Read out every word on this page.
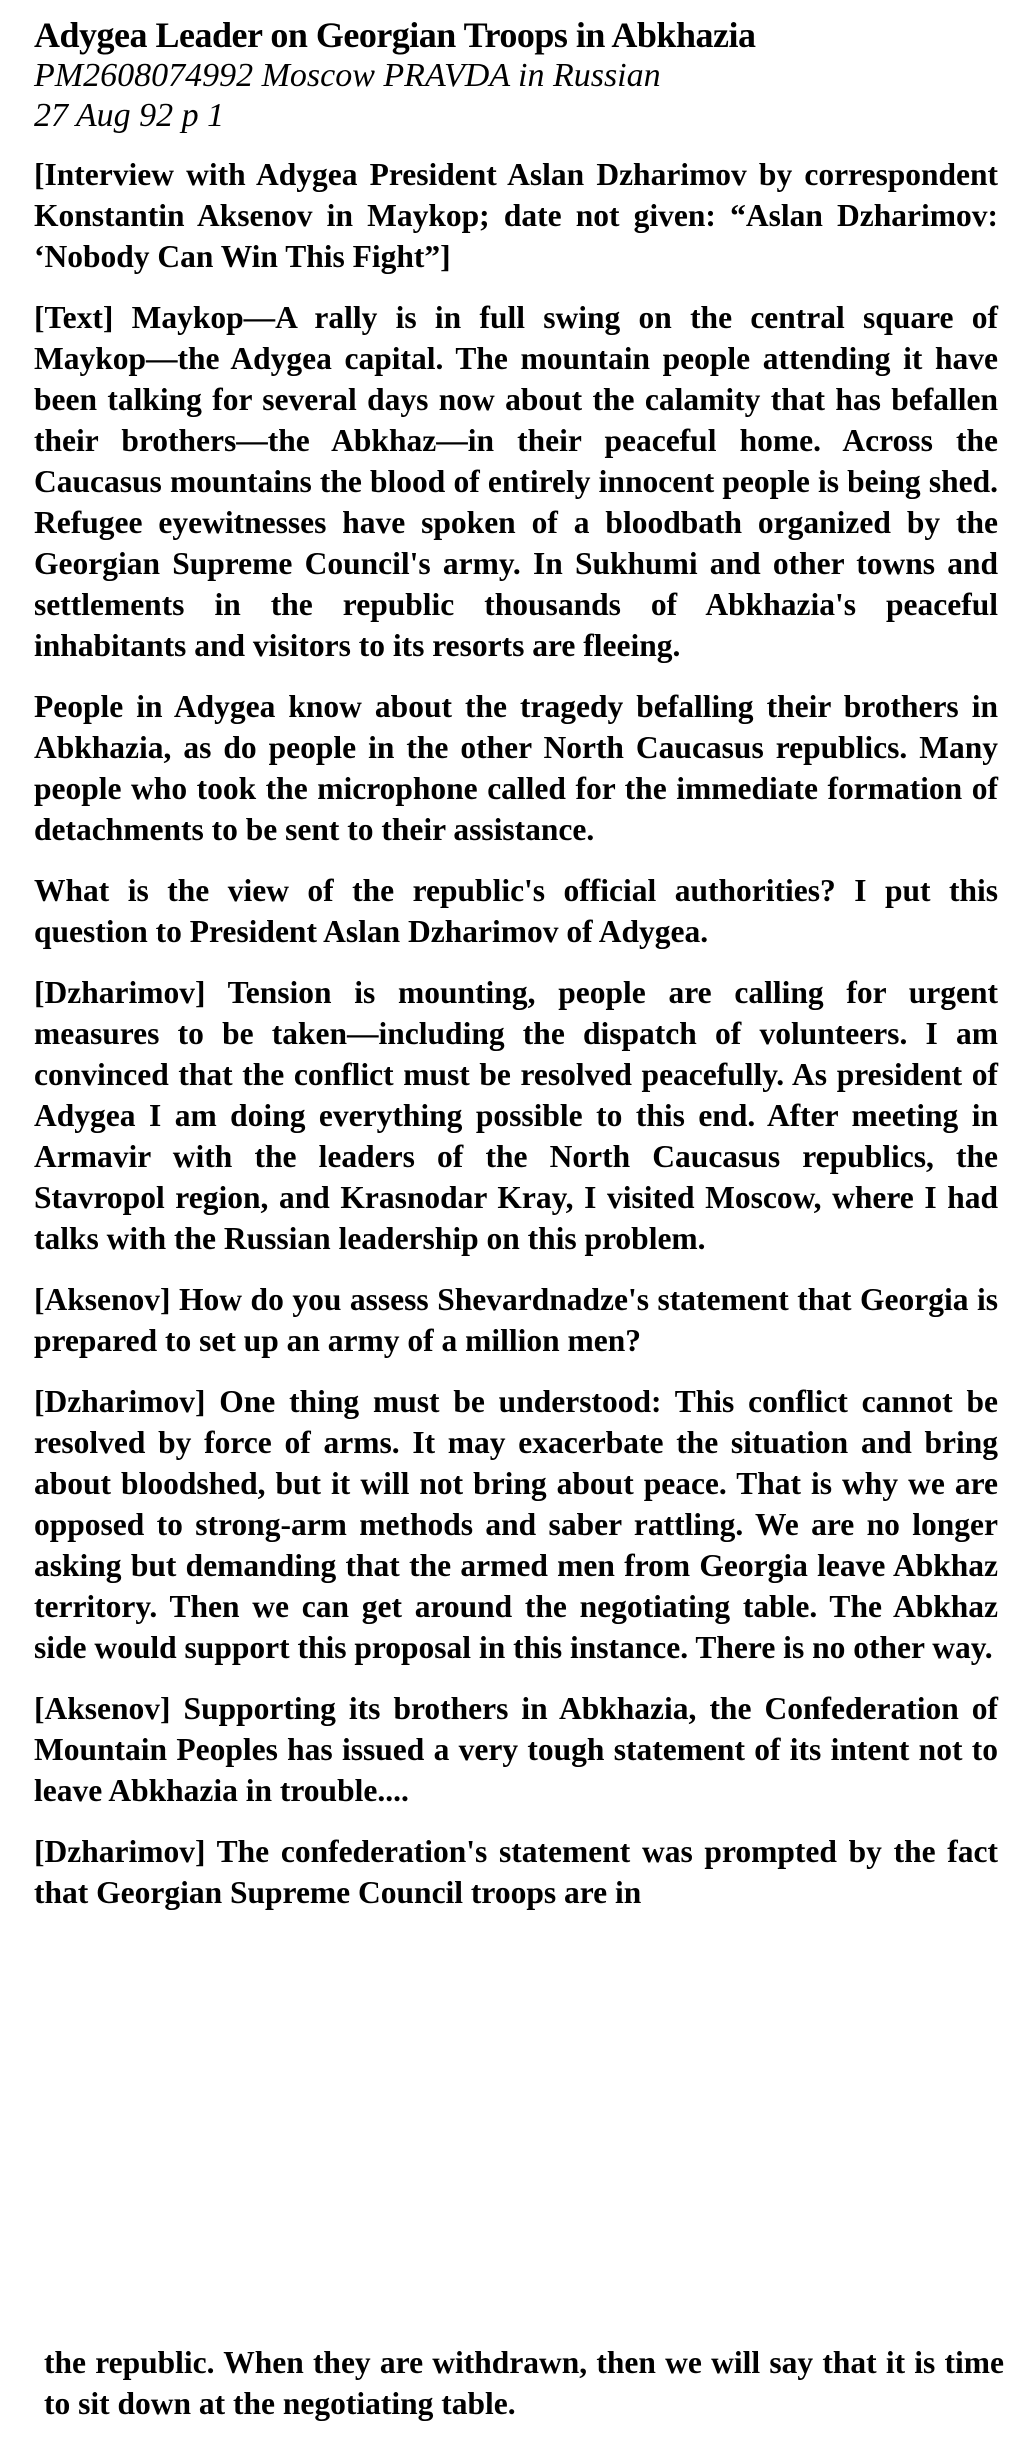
Adygea Leader on Georgian Troops in Abkhazia

PM2608074992 Moscow PRAVDA in Russian

27 Aug 92 p 1

[Interview with Adygea President Aslan Dzharimov by correspondent Konstantin Aksenov in Maykop; date not given: “Aslan Dzharimov: ‘Nobody Can Win This Fight”]

[Text] Maykop—A rally is in full swing on the central square of Maykop—the Adygea capital. The mountain people attending it have been talking for several days now about the calamity that has befallen their brothers—the Abkhaz—in their peaceful home. Across the Caucasus mountains the blood of entirely innocent people is being shed. Refugee eyewitnesses have spoken of a bloodbath organized by the Georgian Supreme Council's army. In Sukhumi and other towns and settlements in the republic thousands of Abkhazia's peaceful inhabitants and visitors to its resorts are fleeing.

People in Adygea know about the tragedy befalling their brothers in Abkhazia, as do people in the other North Caucasus republics. Many people who took the microphone called for the immediate formation of detachments to be sent to their assistance.

What is the view of the republic's official authorities? I put this question to President Aslan Dzharimov of Adygea.

[Dzharimov] Tension is mounting, people are calling for urgent measures to be taken—including the dispatch of volunteers. I am convinced that the conflict must be resolved peacefully. As president of Adygea I am doing everything possible to this end. After meeting in Armavir with the leaders of the North Caucasus republics, the Stavropol region, and Krasnodar Kray, I visited Moscow, where I had talks with the Russian leadership on this problem.

[Aksenov] How do you assess Shevardnadze's statement that Georgia is prepared to set up an army of a million men?

[Dzharimov] One thing must be understood: This conflict cannot be resolved by force of arms. It may exacerbate the situation and bring about bloodshed, but it will not bring about peace. That is why we are opposed to strong-arm methods and saber rattling. We are no longer asking but demanding that the armed men from Georgia leave Abkhaz territory. Then we can get around the negotiating table. The Abkhaz side would support this proposal in this instance. There is no other way.

[Aksenov] Supporting its brothers in Abkhazia, the Confederation of Mountain Peoples has issued a very tough statement of its intent not to leave Abkhazia in trouble....

[Dzharimov] The confederation's statement was prompted by the fact that Georgian Supreme Council troops are in

the republic. When they are withdrawn, then we will say that it is time to sit down at the negotiating table.
